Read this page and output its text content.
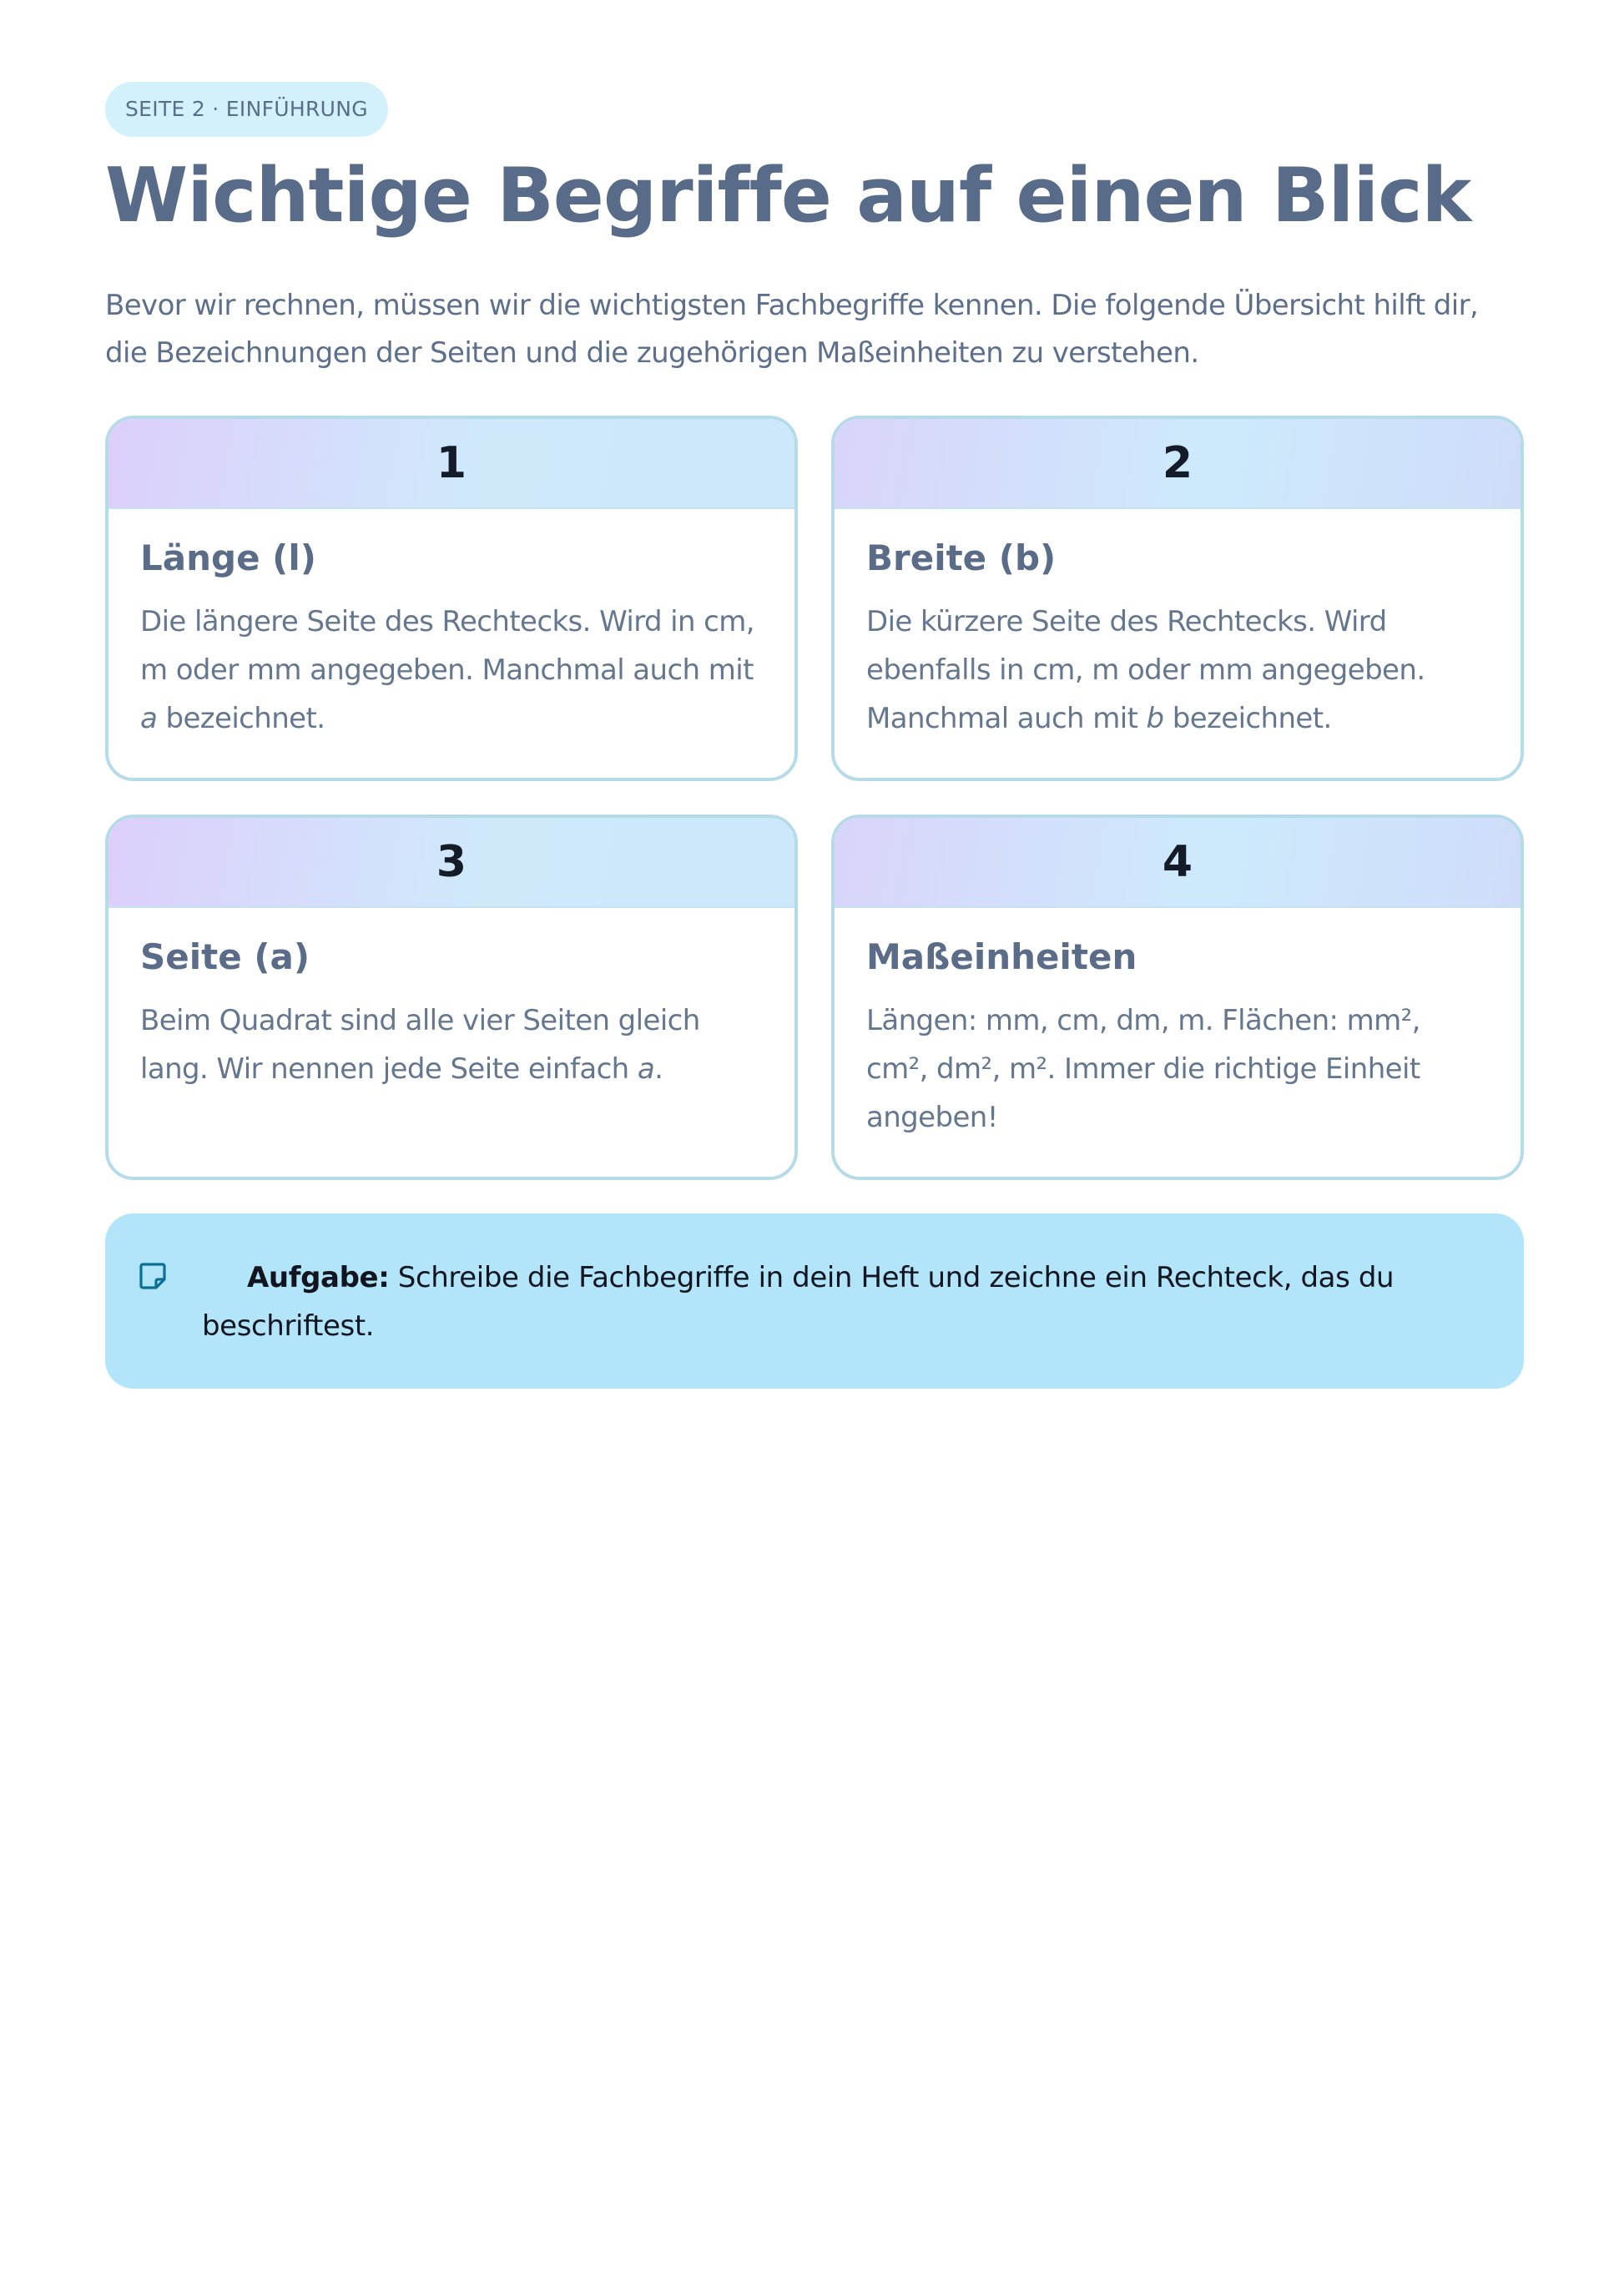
SEITE 2 · EINFÜHRUNG
Wichtige Begriffe auf einen Blick

Bevor wir rechnen, müssen wir die wichtigsten Fachbegriffe kennen. Die folgende Übersicht hilft dir, die Bezeichnungen der Seiten und die zugehörigen Maßeinheiten zu verstehen.

1

Länge (l)

Die längere Seite des Rechtecks. Wird in cm, m oder mm angegeben. Manchmal auch mit a bezeichnet.

2

Breite (b)

Die kürzere Seite des Rechtecks. Wird ebenfalls in cm, m oder mm angegeben. Manchmal auch mit b bezeichnet.

3

Seite (a)

Beim Quadrat sind alle vier Seiten gleich lang. Wir nennen jede Seite einfach a.

4

Maßeinheiten

Längen: mm, cm, dm, m. Flächen: mm², cm², dm², m². Immer die richtige Einheit angeben!

Aufgabe: Schreibe die Fachbegriffe in dein Heft und zeichne ein Rechteck, das du beschriftest.
